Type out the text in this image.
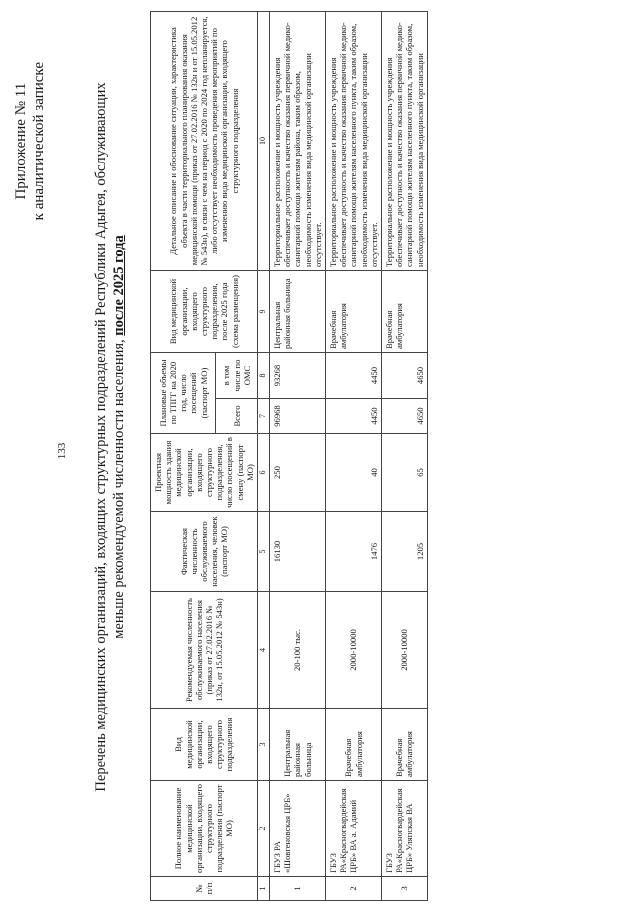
133
Приложение № 11 к аналитической записке	Перечень медицинских организаций, входящих структурных подразделений Республики Адыгея, обслуживающих меньше рекомендуемой численности населения, после 2025 года
№ п/п	Полное наименование медицинской организации, входящего структурного подразделения (паспорт МО)	Вид медицинской организации, входящего структурного подразделения	Рекомендуемая численность обслуживаемого населения (приказ от 27.02.2016 № 132н, от 15.05.2012 № 543н)	Фактическая численность обслуживаемого населения, человек (паспорт МО)	Проектная мощность здания медицинской организации, входящего структурного подразделения, число посещений в смену (паспорт МО)	Плановые объемы по ТПГГ на 2020 год, число посещений (паспорт МО)		Вид медицинской организации, входящего структурного подразделения, после 2025 года (схема размещения)	Детальное описание и обоснование ситуации, характеристика объекта в части территориального планирования оказания медицинской помощи (приказ от 27.02.2016 № 132н и от 15.05.2012 № 543н), в связи с чем на период с 2020 по 2024 год непланируется, либо отсутствует необходимость проведения мероприятий по изменению вида медицинской организации, входящего структурного подразделения
						Всего	в том числе по ОМС		
1	2	3	4	5	6	7	8	9	10
1	ГБУЗ РА «Шовгеновская ЦРБ»	Центральная районная больница	20-100 тыс.	16130	250	96968	93268	Центральная районная больница	Территориальное расположение и мощность учреждения обеспечивает доступность и качество оказания первичной медико-санитарной помощи жителям района, таким образом, необходимость изменения вида медицинской организации отсутствует.
2	ГБУЗ РА«Красногвардейская ЦРБ» ВА а. Адамий	Врачебная амбулатория	2000-10000	1476	40	4450	4450	Врачебная амбулатория	Территориальное расположение и мощность учреждения обеспечивает доступность и качество оказания первичной медико-санитарной помощи жителям населенного пункта, таким образом, необходимость изменения вида медицинской организации отсутствует.
3	ГБУЗ РА«Красногвардейская ЦРБ» Уляпская ВА	Врачебная амбулатория	2000-10000	1205	65	4650	4650	Врачебная амбулатория	Территориальное расположение и мощность учреждения обеспечивает доступность и качество оказания первичной медико-санитарной помощи жителям населенного пункта, таким образом, необходимость изменения вида медицинской организации
